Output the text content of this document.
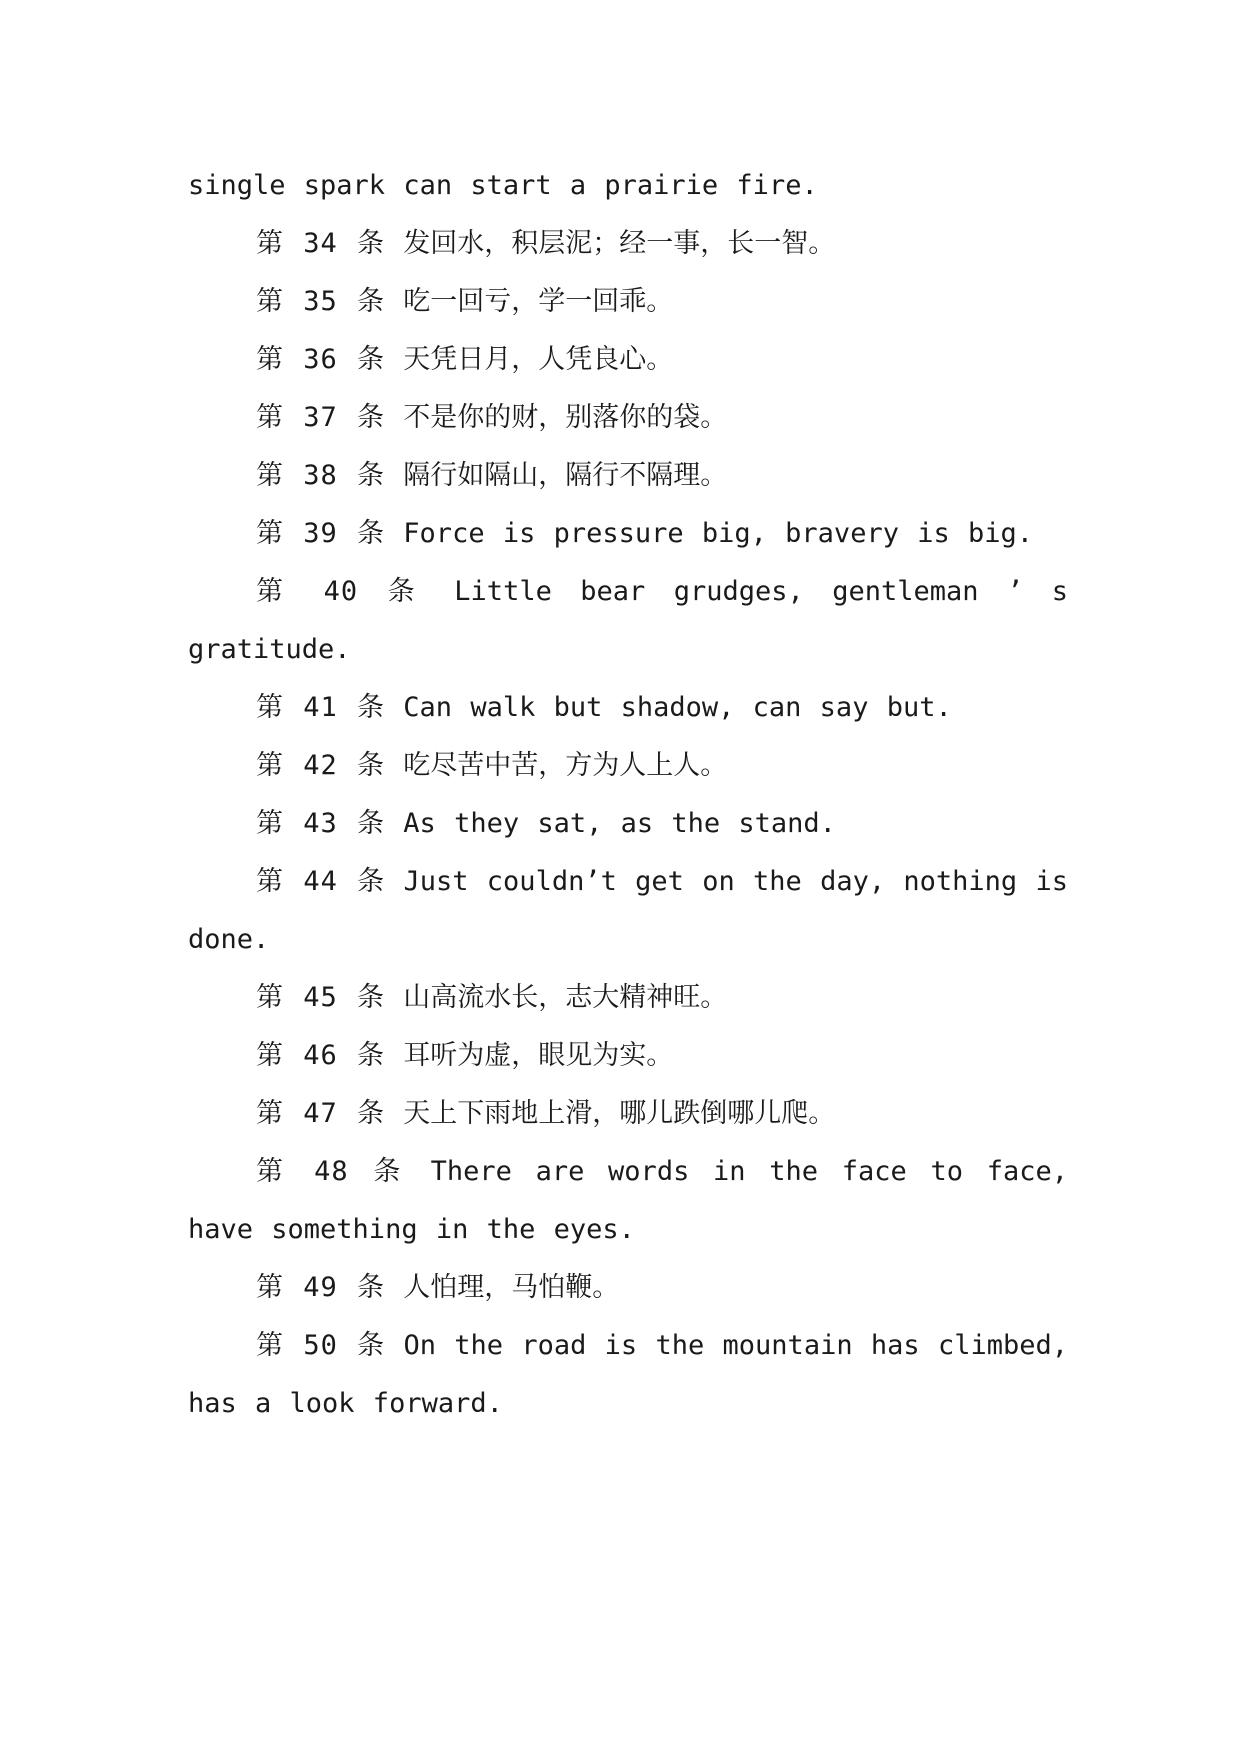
single spark can start a prairie fire.

第 34 条 发回水，积层泥；经一事，长一智。

第 35 条 吃一回亏，学一回乖。

第 36 条 天凭日月，人凭良心。

第 37 条 不是你的财，别落你的袋。

第 38 条 隔行如隔山，隔行不隔理。

第 39 条 Force is pressure big, bravery is big.

第 40 条 Little bear grudges, gentleman ’ s gratitude.

第 41 条 Can walk but shadow, can say but.

第 42 条 吃尽苦中苦，方为人上人。

第 43 条 As they sat, as the stand.

第 44 条 Just couldn’t get on the day, nothing is done.

第 45 条 山高流水长，志大精神旺。

第 46 条 耳听为虚，眼见为实。

第 47 条 天上下雨地上滑，哪儿跌倒哪儿爬。

第 48 条 There are words in the face to face, have something in the eyes.

第 49 条 人怕理，马怕鞭。

第 50 条 On the road is the mountain has climbed, has a look forward.
